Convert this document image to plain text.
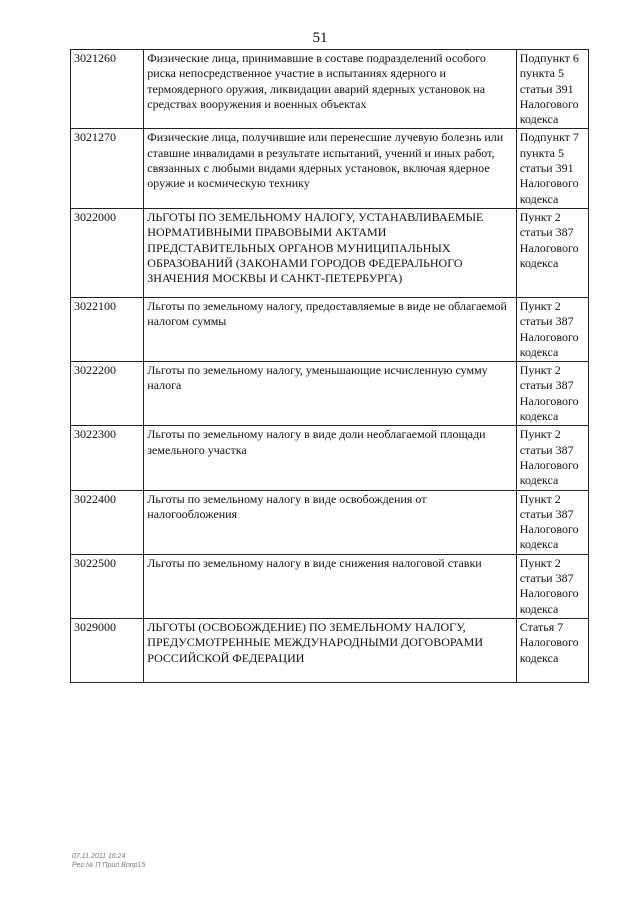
51
3021260	Физические лица, принимавшие в составе подразделений особого риска непосредственное участие в испытаниях ядерного и термоядерного оружия, ликвидации аварий ядерных установок на средствах вооружения и военных объектах	Подпункт 6 пункта 5 статьи 391 Налогового кодекса
3021270	Физические лица, получившие или перенесшие лучевую болезнь или ставшие инвалидами в результате испытаний, учений и иных работ, связанных с любыми видами ядерных установок, включая ядерное оружие и космическую технику	Подпункт 7 пункта 5 статьи 391 Налогового кодекса
3022000	ЛЬГОТЫ ПО ЗЕМЕЛЬНОМУ НАЛОГУ, УСТАНАВЛИВАЕМЫЕ НОРМАТИВНЫМИ ПРАВОВЫМИ АКТАМИ ПРЕДСТАВИТЕЛЬНЫХ ОРГАНОВ МУНИЦИПАЛЬНЫХ ОБРАЗОВАНИЙ (ЗАКОНАМИ ГОРОДОВ ФЕДЕРАЛЬНОГО ЗНАЧЕНИЯ МОСКВЫ И САНКТ-ПЕТЕРБУРГА)	Пункт 2 статьи 387 Налогового кодекса
3022100	Льготы по земельному налогу, предоставляемые в виде не облагаемой налогом суммы	Пункт 2 статьи 387 Налогового кодекса
3022200	Льготы по земельному налогу, уменьшающие исчисленную сумму налога	Пункт 2 статьи 387 Налогового кодекса
3022300	Льготы по земельному налогу в виде доли необлагаемой площади земельного участка	Пункт 2 статьи 387 Налогового кодекса
3022400	Льготы по земельному налогу в виде освобождения от налогообложения	Пункт 2 статьи 387 Налогового кодекса
3022500	Льготы по земельному налогу в виде снижения налоговой ставки	Пункт 2 статьи 387 Налогового кодекса
3029000	ЛЬГОТЫ (ОСВОБОЖДЕНИЕ) ПО ЗЕМЕЛЬНОМУ НАЛОГУ, ПРЕДУСМОТРЕННЫЕ МЕЖДУНАРОДНЫМИ ДОГОВОРАМИ РОССИЙСКОЙ ФЕДЕРАЦИИ	Статья 7 Налогового кодекса
07.11.2011 16:24
Рег.№ П Прил.Вопр15
